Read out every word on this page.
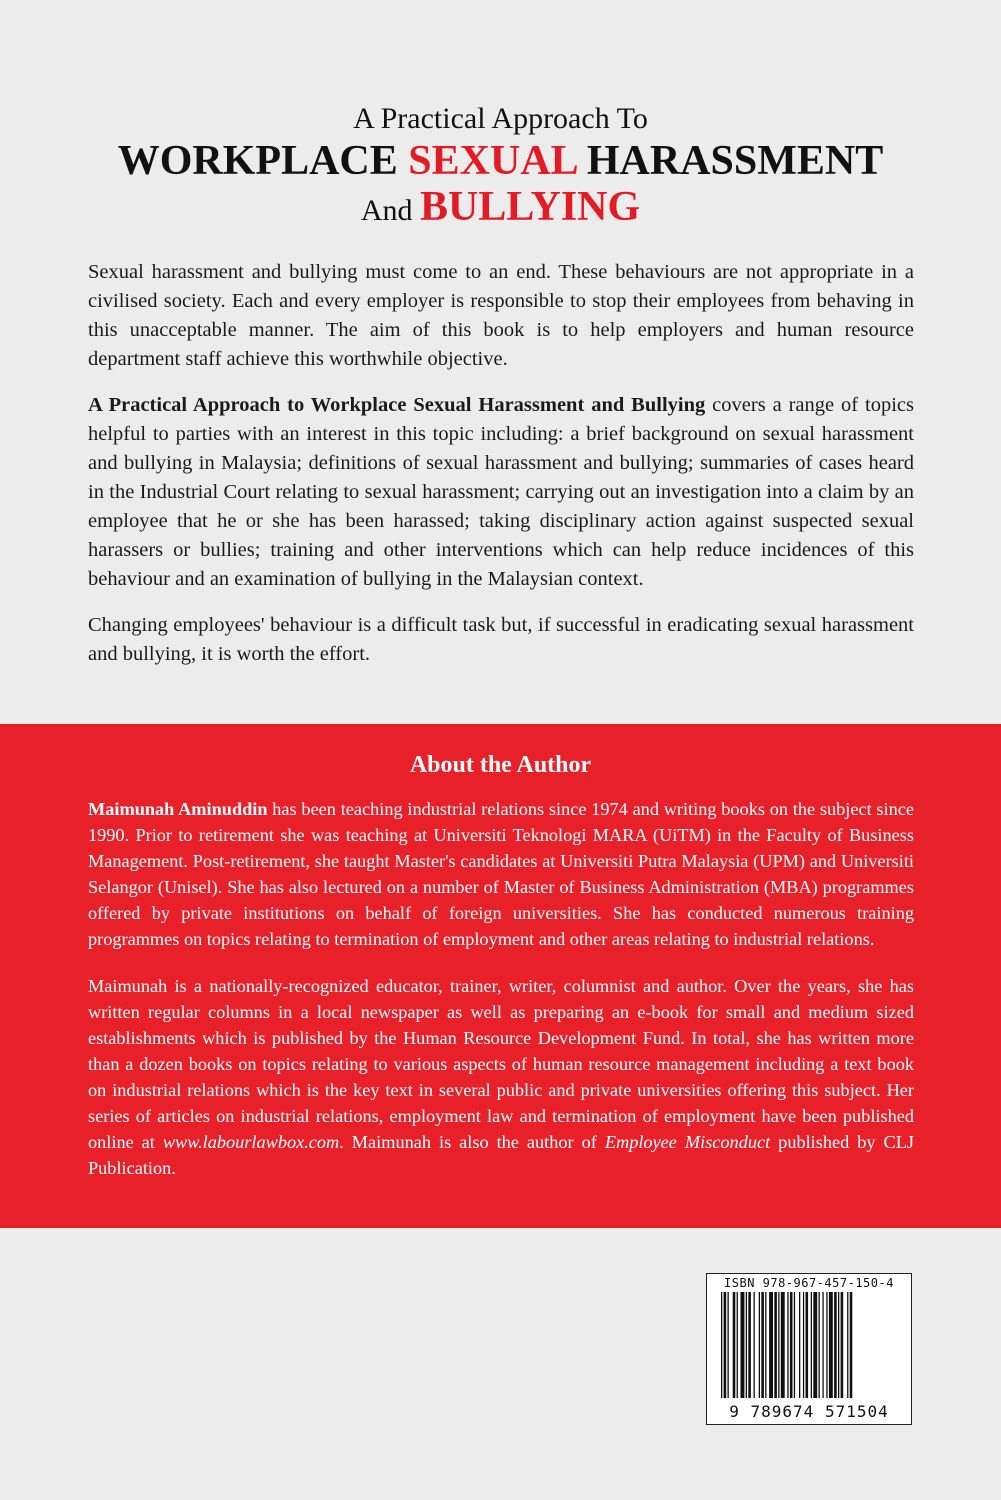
A Practical Approach To
WORKPLACE SEXUAL HARASSMENT
And BULLYING

Sexual harassment and bullying must come to an end. These behaviours are not appropriate in a civilised society. Each and every employer is responsible to stop their employees from behaving in this unacceptable manner. The aim of this book is to help employers and human resource department staff achieve this worthwhile objective.

A Practical Approach to Workplace Sexual Harassment and Bullying covers a range of topics helpful to parties with an interest in this topic including: a brief background on sexual harassment and bullying in Malaysia; definitions of sexual harassment and bullying; summaries of cases heard in the Industrial Court relating to sexual harassment; carrying out an investigation into a claim by an employee that he or she has been harassed; taking disciplinary action against suspected sexual harassers or bullies; training and other interventions which can help reduce incidences of this behaviour and an examination of bullying in the Malaysian context.

Changing employees' behaviour is a difficult task but, if successful in eradicating sexual harassment and bullying, it is worth the effort.

About the Author

Maimunah Aminuddin has been teaching industrial relations since 1974 and writing books on the subject since 1990. Prior to retirement she was teaching at Universiti Teknologi MARA (UiTM) in the Faculty of Business Management. Post-retirement, she taught Master's candidates at Universiti Putra Malaysia (UPM) and Universiti Selangor (Unisel). She has also lectured on a number of Master of Business Administration (MBA) programmes offered by private institutions on behalf of foreign universities. She has conducted numerous training programmes on topics relating to termination of employment and other areas relating to industrial relations.

Maimunah is a nationally-recognized educator, trainer, writer, columnist and author. Over the years, she has written regular columns in a local newspaper as well as preparing an e-book for small and medium sized establishments which is published by the Human Resource Development Fund. In total, she has written more than a dozen books on topics relating to various aspects of human resource management including a text book on industrial relations which is the key text in several public and private universities offering this subject. Her series of articles on industrial relations, employment law and termination of employment have been published online at www.labourlawbox.com. Maimunah is also the author of Employee Misconduct published by CLJ Publication.

ISBN 978-967-457-150-4
9 789674 571504
